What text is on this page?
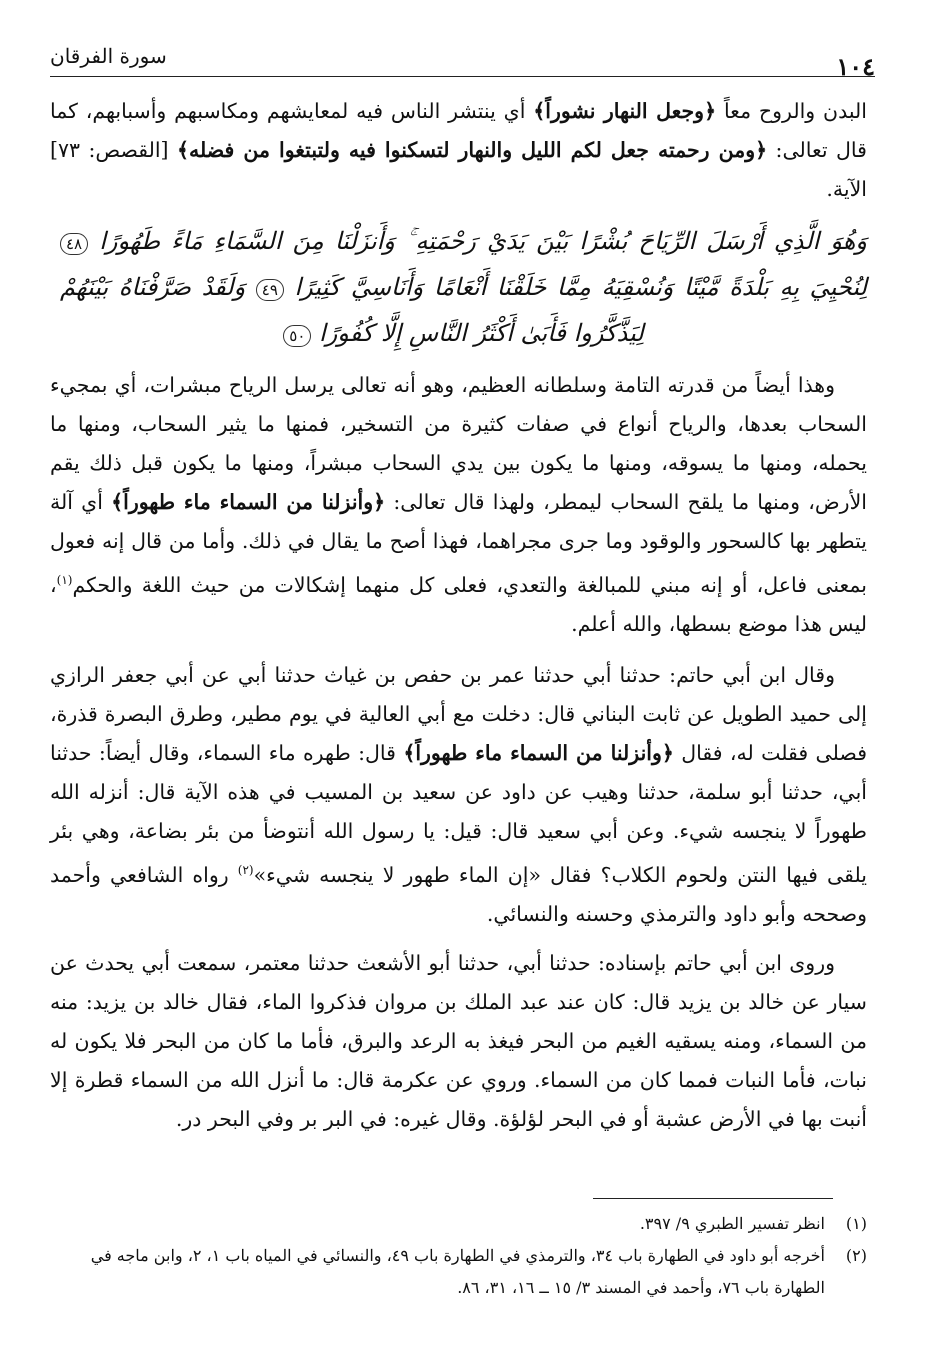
١٠٤
سورة الفرقان

البدن والروح معاً ﴿وجعل النهار نشوراً﴾ أي ينتشر الناس فيه لمعايشهم ومكاسبهم وأسبابهم، كما قال تعالى: ﴿ومن رحمته جعل لكم الليل والنهار لتسكنوا فيه ولتبتغوا من فضله﴾ [القصص: ٧٣] الآية.

وَهُوَ الَّذِي أَرْسَلَ الرِّيَاحَ بُشْرًا بَيْنَ يَدَيْ رَحْمَتِهِ ۚ وَأَنزَلْنَا مِنَ السَّمَاءِ مَاءً طَهُورًا ٤٨ لِنُحْيِيَ بِهِ بَلْدَةً مَّيْتًا وَنُسْقِيَهُ مِمَّا خَلَقْنَا أَنْعَامًا وَأَنَاسِيَّ كَثِيرًا ٤٩ وَلَقَدْ صَرَّفْنَاهُ بَيْنَهُمْ لِيَذَّكَّرُوا فَأَبَىٰ أَكْثَرُ النَّاسِ إِلَّا كُفُورًا ٥٠

وهذا أيضاً من قدرته التامة وسلطانه العظيم، وهو أنه تعالى يرسل الرياح مبشرات، أي بمجيء السحاب بعدها، والرياح أنواع في صفات كثيرة من التسخير، فمنها ما يثير السحاب، ومنها ما يحمله، ومنها ما يسوقه، ومنها ما يكون بين يدي السحاب مبشراً، ومنها ما يكون قبل ذلك يقم الأرض، ومنها ما يلقح السحاب ليمطر، ولهذا قال تعالى: ﴿وأنزلنا من السماء ماء طهوراً﴾ أي آلة يتطهر بها كالسحور والوقود وما جرى مجراهما، فهذا أصح ما يقال في ذلك. وأما من قال إنه فعول بمعنى فاعل، أو إنه مبني للمبالغة والتعدي، فعلى كل منهما إشكالات من حيث اللغة والحكم$^{(١)}$، ليس هذا موضع بسطها، والله أعلم.

وقال ابن أبي حاتم: حدثنا أبي حدثنا عمر بن حفص بن غياث حدثنا أبي عن أبي جعفر الرازي إلى حميد الطويل عن ثابت البناني قال: دخلت مع أبي العالية في يوم مطير، وطرق البصرة قذرة، فصلى فقلت له، فقال ﴿وأنزلنا من السماء ماء طهوراً﴾ قال: طهره ماء السماء، وقال أيضاً: حدثنا أبي، حدثنا أبو سلمة، حدثنا وهيب عن داود عن سعيد بن المسيب في هذه الآية قال: أنزله الله طهوراً لا ينجسه شيء. وعن أبي سعيد قال: قيل: يا رسول الله أنتوضأ من بئر بضاعة، وهي بئر يلقى فيها النتن ولحوم الكلاب؟ فقال «إن الماء طهور لا ينجسه شيء»$^{(٢)}$ رواه الشافعي وأحمد وصححه وأبو داود والترمذي وحسنه والنسائي.

وروى ابن أبي حاتم بإسناده: حدثنا أبي، حدثنا أبو الأشعث حدثنا معتمر، سمعت أبي يحدث عن سيار عن خالد بن يزيد قال: كان عند عبد الملك بن مروان فذكروا الماء، فقال خالد بن يزيد: منه من السماء، ومنه يسقيه الغيم من البحر فيغذ به الرعد والبرق، فأما ما كان من البحر فلا يكون له نبات، فأما النبات فمما كان من السماء. وروي عن عكرمة قال: ما أنزل الله من السماء قطرة إلا أنبت بها في الأرض عشبة أو في البحر لؤلؤة. وقال غيره: في البر بر وفي البحر در.

(١)
انظر تفسير الطبري ٩/ ٣٩٧.
(٢)
أخرجه أبو داود في الطهارة باب ٣٤، والترمذي في الطهارة باب ٤٩، والنسائي في المياه باب ١، ٢، وابن ماجه في الطهارة باب ٧٦، وأحمد في المسند ٣/ ١٥ ــ ١٦، ٣١، ٨٦.
